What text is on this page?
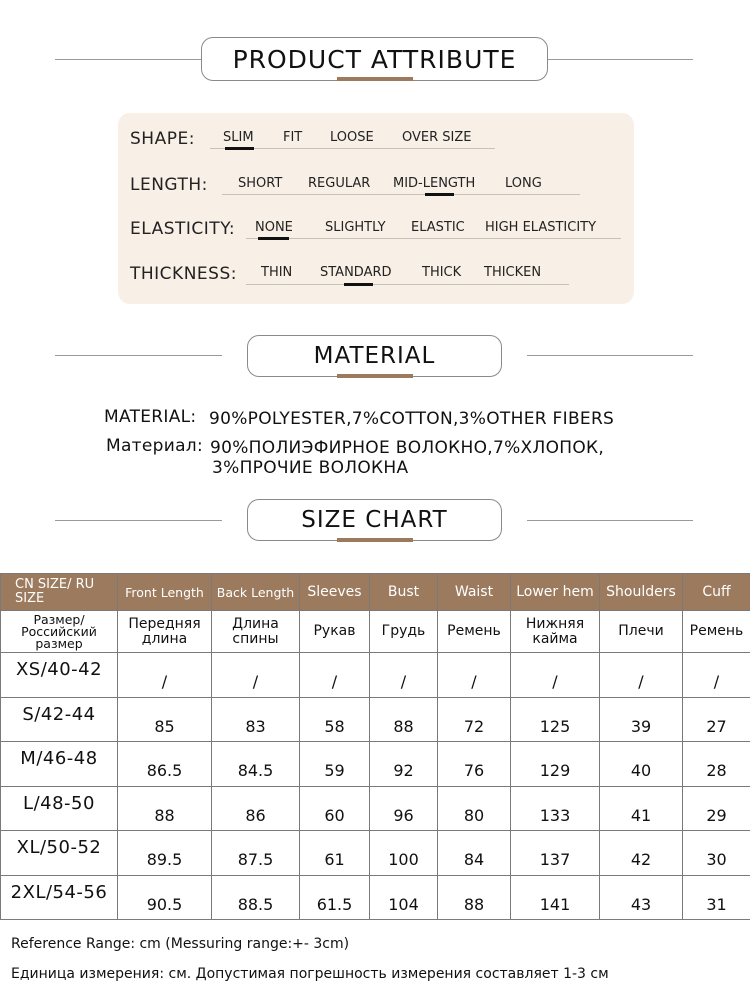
PRODUCT ATTRIBUTE
SHAPE: SLIM FIT LOOSE OVER SIZE
LENGTH: SHORT REGULAR MID-LENGTH LONG
ELASTICITY: NONE SLIGHTLY ELASTIC HIGH ELASTICITY
THICKNESS: THIN STANDARD THICK THICKEN
MATERIAL
MATERIAL: 90%POLYESTER,7%COTTON,3%OTHER FIBERS
Материал: 90%ПОЛИЭФИРНОЕ ВОЛОКНО,7%ХЛОПОК,
3%ПРОЧИЕ ВОЛОКНА
SIZE CHART
CN SIZE/ RU SIZE	Front Length	Back Length	Sleeves	Bust	Waist	Lower hem	Shoulders	Cuff
Размер/ Российский размер	Передняя длина	Длина спины	Рукав	Грудь	Ремень	Нижняя кайма	Плечи	Ремень
XS/40-42	/	/	/	/	/	/	/	/
S/42-44	85	83	58	88	72	125	39	27
M/46-48	86.5	84.5	59	92	76	129	40	28
L/48-50	88	86	60	96	80	133	41	29
XL/50-52	89.5	87.5	61	100	84	137	42	30
2XL/54-56	90.5	88.5	61.5	104	88	141	43	31
Reference Range: cm (Messuring range:+- 3cm)
Единица измерения: см. Допустимая погрешность измерения составляет 1-3 см
